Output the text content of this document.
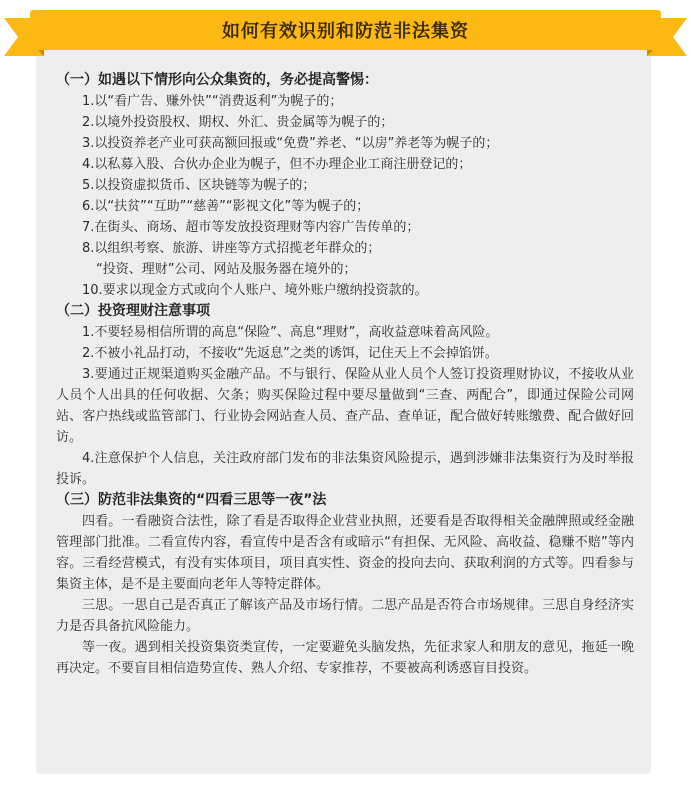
如何有效识别和防范非法集资

（一）如遇以下情形向公众集资的，务必提高警惕：

1.以“看广告、赚外快”“消费返利”为幌子的；

2.以境外投资股权、期权、外汇、贵金属等为幌子的；

3.以投资养老产业可获高额回报或“免费”养老、“以房”养老等为幌子的；

4.以私募入股、合伙办企业为幌子，但不办理企业工商注册登记的；

5.以投资虚拟货币、区块链等为幌子的；

6.以“扶贫”“互助”“慈善”“影视文化”等为幌子的；

7.在街头、商场、超市等发放投资理财等内容广告传单的；

8.以组织考察、旅游、讲座等方式招揽老年群众的；

“投资、理财”公司、网站及服务器在境外的；

10.要求以现金方式或向个人账户、境外账户缴纳投资款的。

（二）投资理财注意事项

1.不要轻易相信所谓的高息“保险”、高息“理财”，高收益意味着高风险。

2.不被小礼品打动，不接收“先返息”之类的诱饵，记住天上不会掉馅饼。

3.要通过正规渠道购买金融产品。不与银行、保险从业人员个人签订投资理财协议，不接收从业人员个人出具的任何收据、欠条；购买保险过程中要尽量做到“三查、两配合”，即通过保险公司网站、客户热线或监管部门、行业协会网站查人员、查产品、查单证，配合做好转账缴费、配合做好回访。

4.注意保护个人信息，关注政府部门发布的非法集资风险提示，遇到涉嫌非法集资行为及时举报投诉。

（三）防范非法集资的“四看三思等一夜”法

四看。一看融资合法性，除了看是否取得企业营业执照，还要看是否取得相关金融牌照或经金融管理部门批准。二看宣传内容，看宣传中是否含有或暗示“有担保、无风险、高收益、稳赚不赔”等内容。三看经营模式，有没有实体项目，项目真实性、资金的投向去向、获取利润的方式等。四看参与集资主体，是不是主要面向老年人等特定群体。

三思。一思自己是否真正了解该产品及市场行情。二思产品是否符合市场规律。三思自身经济实力是否具备抗风险能力。

等一夜。遇到相关投资集资类宣传，一定要避免头脑发热，先征求家人和朋友的意见，拖延一晚再决定。不要盲目相信造势宣传、熟人介绍、专家推荐，不要被高利诱惑盲目投资。
